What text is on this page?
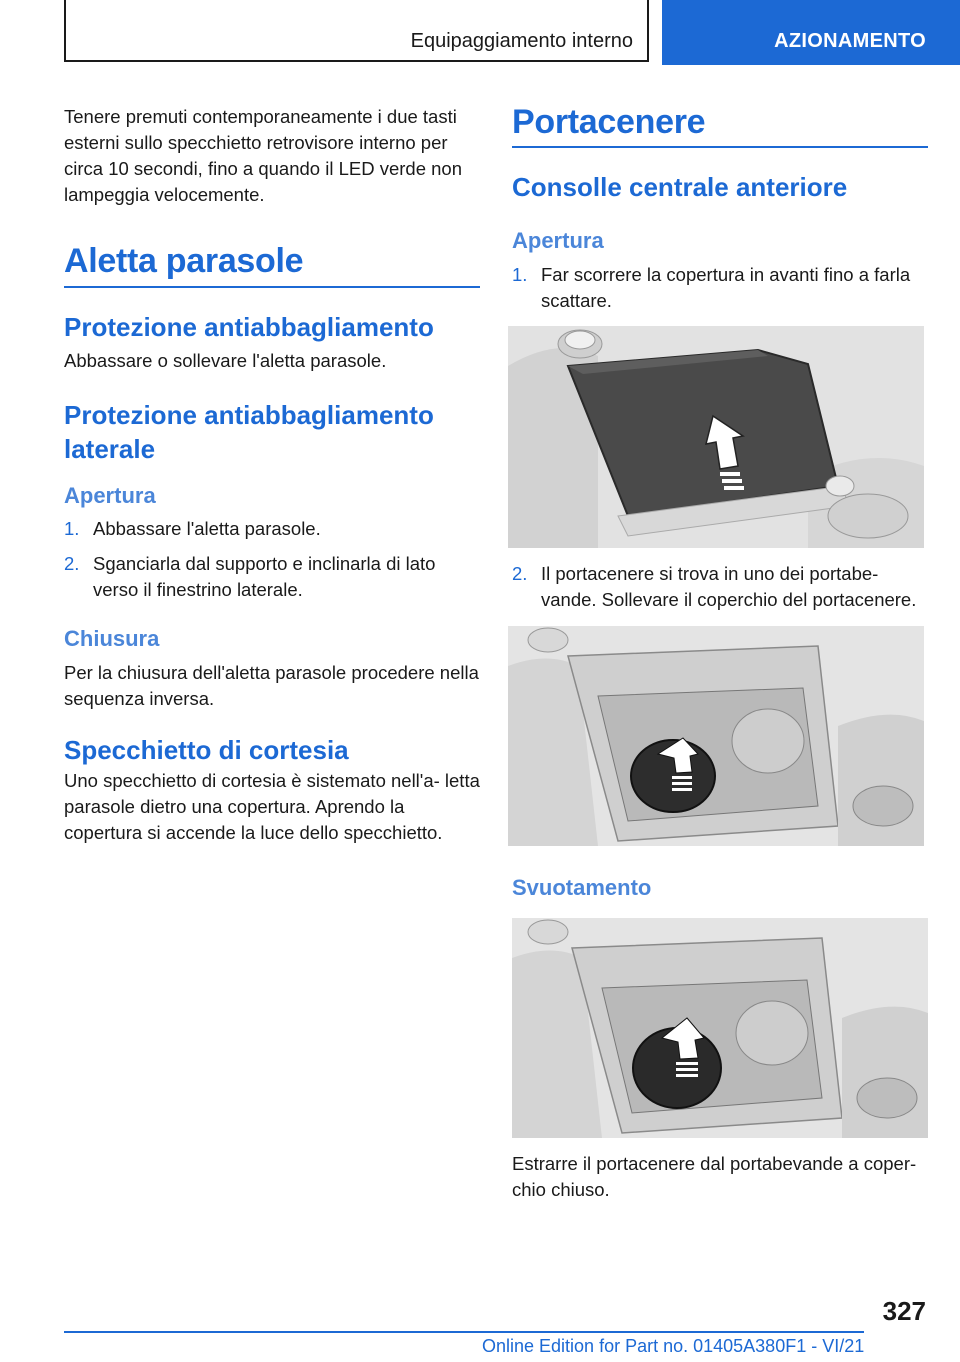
Equipaggiamento interno	AZIONAMENTO
Tenere premuti contemporaneamente i due tasti esterni sullo specchietto retrovisore interno per circa 10 secondi, fino a quando il LED verde non lampeggia velocemente.
Aletta parasole
Protezione antiabbagliamento
Abbassare o sollevare l'aletta parasole.
Protezione antiabbagliamento laterale
Apertura
1. Abbassare l'aletta parasole.
2. Sganciarla dal supporto e inclinarla di lato verso il finestrino laterale.
Chiusura
Per la chiusura dell'aletta parasole procedere nella sequenza inversa.
Specchietto di cortesia
Uno specchietto di cortesia è sistemato nell'a- letta parasole dietro una copertura. Aprendo la copertura si accende la luce dello specchietto.
Portacenere
Consolle centrale anteriore
Apertura
1. Far scorrere la copertura in avanti fino a farla scattare.
2. Il portacenere si trova in uno dei portabe- vande. Sollevare il coperchio del portacenere.
Svuotamento
Estrarre il portacenere dal portabevande a coper- chio chiuso.
327
Online Edition for Part no. 01405A380F1 - VI/21
